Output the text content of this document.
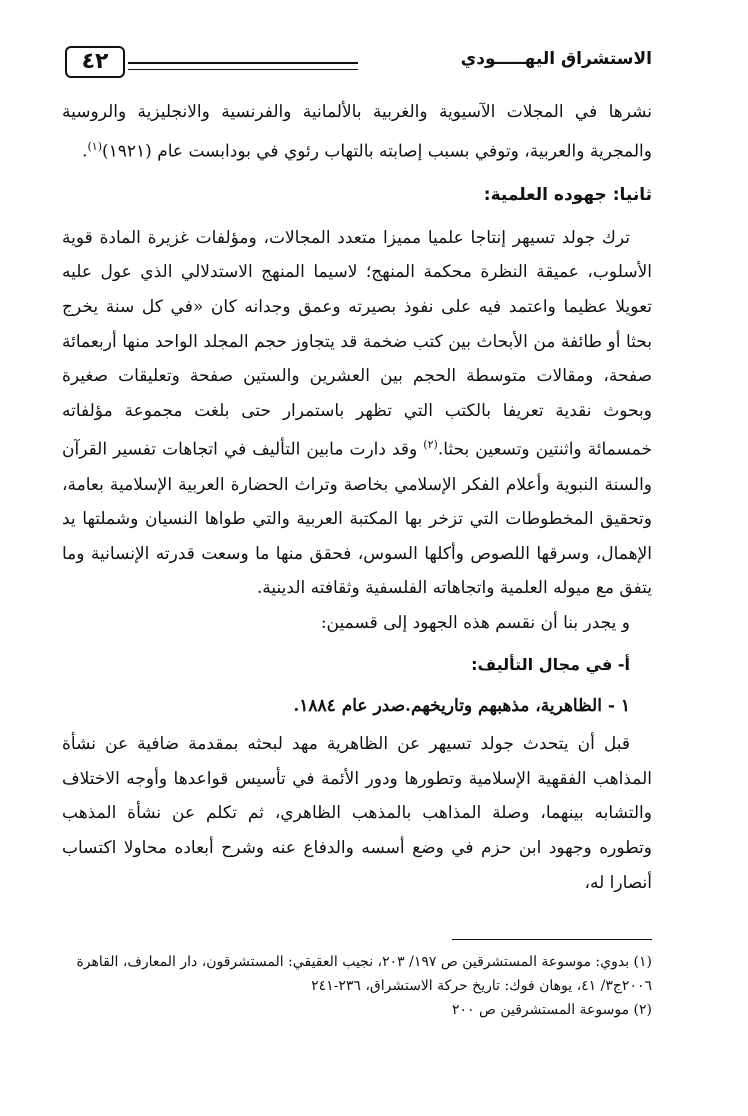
٤٢	الاستشراق اليهـــــودي

نشرها في المجلات الآسيوية والغربية بالألمانية والفرنسية والانجليزية والروسية والمجرية والعربية، وتوفي بسبب إصابته بالتهاب رئوي في بودابست عام (١٩٢١)$^{(١)}$.

ثانيا: جهوده العلمية:

ترك جولد تسيهر إنتاجا علميا مميزا متعدد المجالات، ومؤلفات غزيرة المادة قوية الأسلوب، عميقة النظرة محكمة المنهج؛ لاسيما المنهج الاستدلالي الذي عول عليه تعويلا عظيما واعتمد فيه على نفوذ بصيرته وعمق وجدانه كان «في كل سنة يخرج بحثا أو طائفة من الأبحاث بين كتب ضخمة قد يتجاوز حجم المجلد الواحد منها أربعمائة صفحة، ومقالات متوسطة الحجم بين العشرين والستين صفحة وتعليقات صغيرة وبحوث نقدية تعريفا بالكتب التي تظهر باستمرار حتى بلغت مجموعة مؤلفاته خمسمائة واثنتين وتسعين بحثا.$^{(٢)}$ وقد دارت مابين التأليف في اتجاهات تفسير القرآن والسنة النبوية وأعلام الفكر الإسلامي بخاصة وتراث الحضارة العربية الإسلامية بعامة، وتحقيق المخطوطات التي تزخر بها المكتبة العربية والتي طواها النسيان وشملتها يد الإهمال، وسرقها اللصوص وأكلها السوس، فحقق منها ما وسعت قدرته الإنسانية وما يتفق مع ميوله العلمية واتجاهاته الفلسفية وثقافته الدينية.

و يجدر بنا أن نقسم هذه الجهود إلى قسمين:

أ- في مجال التأليف:

١ - الظاهرية، مذهبهم وتاريخهم.صدر عام ١٨٨٤.

قبل أن يتحدث جولد تسيهر عن الظاهرية مهد لبحثه بمقدمة ضافية عن نشأة المذاهب الفقهية الإسلامية وتطورها ودور الأئمة في تأسيس قواعدها وأوجه الاختلاف والتشابه بينهما، وصلة المذاهب بالمذهب الظاهري، ثم تكلم عن نشأة المذهب وتطوره وجهود ابن حزم في وضع أسسه والدفاع عنه وشرح أبعاده محاولا اكتساب أنصارا له،

(١) بدوي: موسوعة المستشرقين ص ١٩٧/ ٢٠٣، نجيب العقيقي: المستشرقون، دار المعارف، القاهرة ٢٠٠٦ج٣/ ٤١، يوهان فوك: تاريخ حركة الاستشراق، ٢٣٦-٢٤١

(٢) موسوعة المستشرقين ص ٢٠٠
